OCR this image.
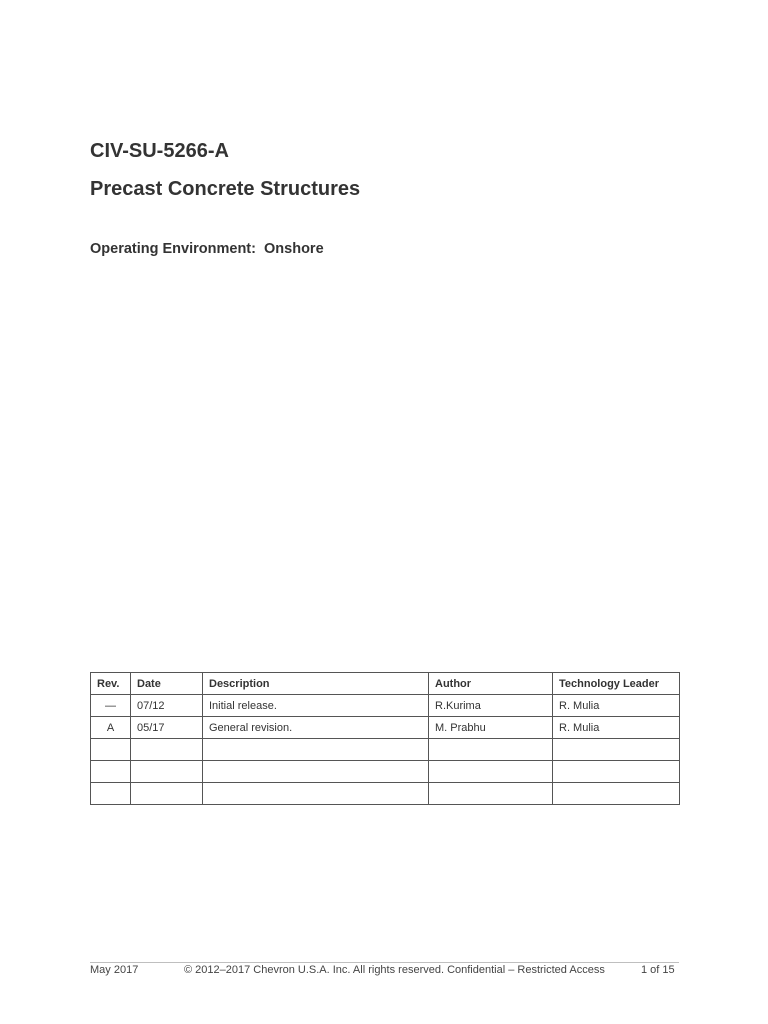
CIV-SU-5266-A
Precast Concrete Structures
Operating Environment:  Onshore
Rev.	Date	Description	Author	Technology Leader
—	07/12	Initial release.	R.Kurima	R. Mulia
A	05/17	General revision.	M. Prabhu	R. Mulia

May 2017	© 2012–2017 Chevron U.S.A. Inc. All rights reserved. Confidential – Restricted Access	1 of 15
